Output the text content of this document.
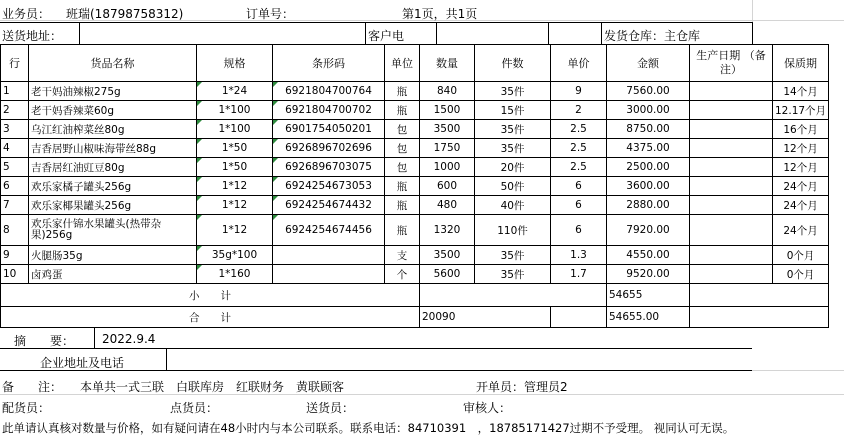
业务员： 班瑞(18798758312)	订单号：	第1页，共1页
送货地址：	客户电	发货仓库：主仓库
行	货品名称	规格	条形码	单位	数量	件数	单价	金额	生产日期 （备注）	保质期
1	老干妈油辣椒275g	1*24	6921804700764	瓶	840	35件	9	7560.00		14个月
2	老干妈香辣菜60g	1*100	6921804700702	瓶	1500	15件	2	3000.00		12.17个月
3	乌江红油榨菜丝80g	1*100	6901754050201	包	3500	35件	2.5	8750.00		16个月
4	吉香居野山椒味海带丝88g	1*50	6926896702696	包	1750	35件	2.5	4375.00		12个月
5	吉香居红油豇豆80g	1*50	6926896703075	包	1000	20件	2.5	2500.00		12个月
6	欢乐家橘子罐头256g	1*12	6924254673053	瓶	600	50件	6	3600.00		24个月
7	欢乐家椰果罐头256g	1*12	6924254674432	瓶	480	40件	6	2880.00		24个月
8	欢乐家什锦水果罐头(热带杂果)256g	1*12	6924254674456	瓶	1320	110件	6	7920.00		24个月
9	火腿肠35g	35g*100		支	3500	35件	1.3	4550.00		0个月
10	卤鸡蛋	1*160		个	5600	35件	1.7	9520.00		0个月
小　　计								54655		
合　　计					20090			54655.00		
摘　　要： 2022.9.4
企业地址及电话
备　　注： 本单共一式三联　白联库房　红联财务　黄联顾客	开单员：管理员2
配货员：	点货员：	送货员：	审核人：
此单请认真核对数量与价格，如有疑问请在48小时内与本公司联系。联系电话：84710391　，18785171427过期不予受理。 视同认可无误。
